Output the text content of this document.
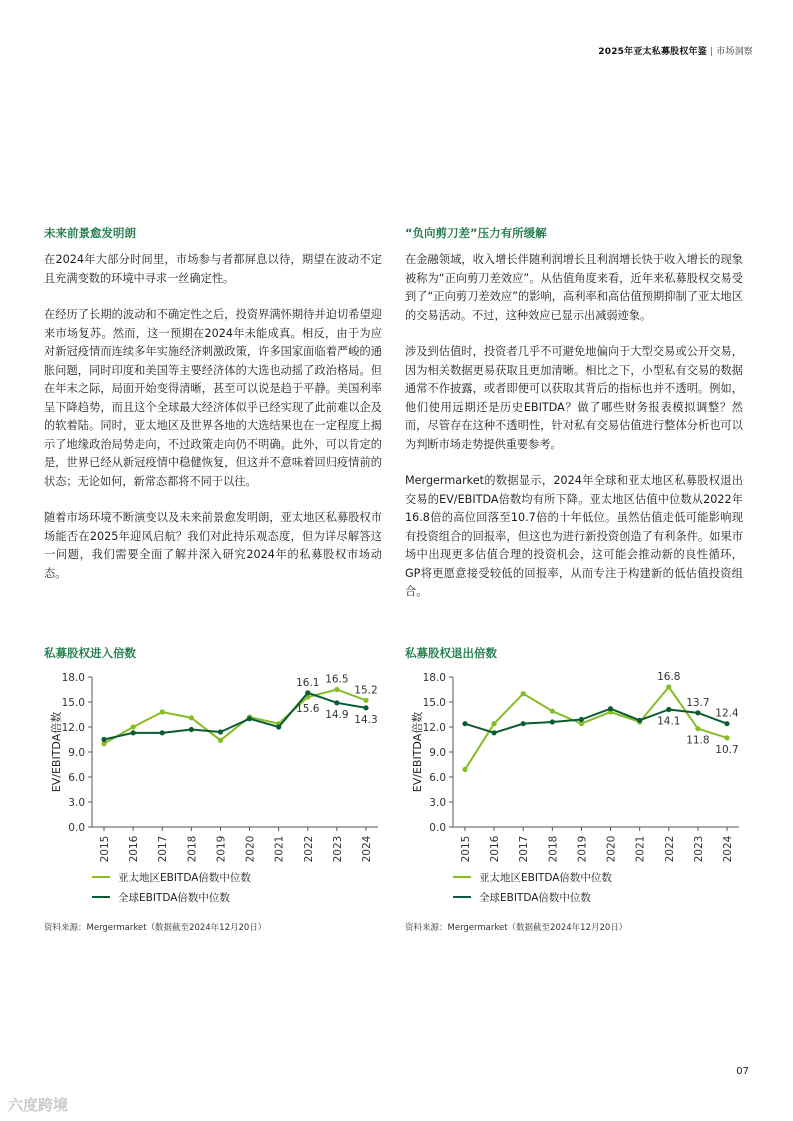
2025年亚太私募股权年鉴 | 市场洞察
未来前景愈发明朗

在2024年大部分时间里，市场参与者都屏息以待，期望在波动不定且充满变数的环境中寻求一丝确定性。

在经历了长期的波动和不确定性之后，投资界满怀期待并迫切希望迎来市场复苏。然而，这一预期在2024年未能成真。相反，由于为应对新冠疫情而连续多年实施经济刺激政策，许多国家面临着严峻的通胀问题，同时印度和美国等主要经济体的大选也动摇了政治格局。但在年末之际，局面开始变得清晰，甚至可以说是趋于平静。美国利率呈下降趋势，而且这个全球最大经济体似乎已经实现了此前难以企及的软着陆。同时，亚太地区及世界各地的大选结果也在一定程度上揭示了地缘政治局势走向，不过政策走向仍不明确。此外，可以肯定的是，世界已经从新冠疫情中稳健恢复，但这并不意味着回归疫情前的状态；无论如何，新常态都将不同于以往。

随着市场环境不断演变以及未来前景愈发明朗，亚太地区私募股权市场能否在2025年迎风启航？我们对此持乐观态度，但为详尽解答这一问题，我们需要全面了解并深入研究2024年的私募股权市场动态。

“负向剪刀差”压力有所缓解

在金融领域，收入增长伴随利润增长且利润增长快于收入增长的现象被称为“正向剪刀差效应”。从估值角度来看，近年来私募股权交易受到了“正向剪刀差效应”的影响，高利率和高估值预期抑制了亚太地区的交易活动。不过，这种效应已显示出减弱迹象。

涉及到估值时，投资者几乎不可避免地偏向于大型交易或公开交易，因为相关数据更易获取且更加清晰。相比之下，小型私有交易的数据通常不作披露，或者即便可以获取其背后的指标也并不透明。例如，他们使用远期还是历史EBITDA？做了哪些财务报表模拟调整？然而，尽管存在这种不透明性，针对私有交易估值进行整体分析也可以为判断市场走势提供重要参考。

Mergermarket的数据显示，2024年全球和亚太地区私募股权退出交易的EV/EBITDA倍数均有所下降。亚太地区估值中位数从2022年16.8倍的高位回落至10.7倍的十年低位。虽然估值走低可能影响现有投资组合的回报率，但这也为进行新投资创造了有利条件。如果市场中出现更多估值合理的投资机会，这可能会推动新的良性循环，GP将更愿意接受较低的回报率，从而专注于构建新的低估值投资组合。

私募股权进入倍数
0.0
3.0
6.0
9.0
12.0
15.0
18.0
2015 2016 2017 2018 2019 2020 2021 2022 2023 2024
EV/EBITDA倍数
16.1
15.6
16.5
14.9
15.2
14.3
亚太地区EBITDA倍数中位数
全球EBITDA倍数中位数
资料来源：Mergermarket（数据截至2024年12月20日）
私募股权退出倍数
0.0
3.0
6.0
9.0
12.0
15.0
18.0
2015 2016 2017 2018 2019 2020 2021 2022 2023 2024
EV/EBITDA倍数
16.8
14.1
13.7
11.8
12.4
10.7
亚太地区EBITDA倍数中位数
全球EBITDA倍数中位数
资料来源：Mergermarket（数据截至2024年12月20日）
07
六度跨境
